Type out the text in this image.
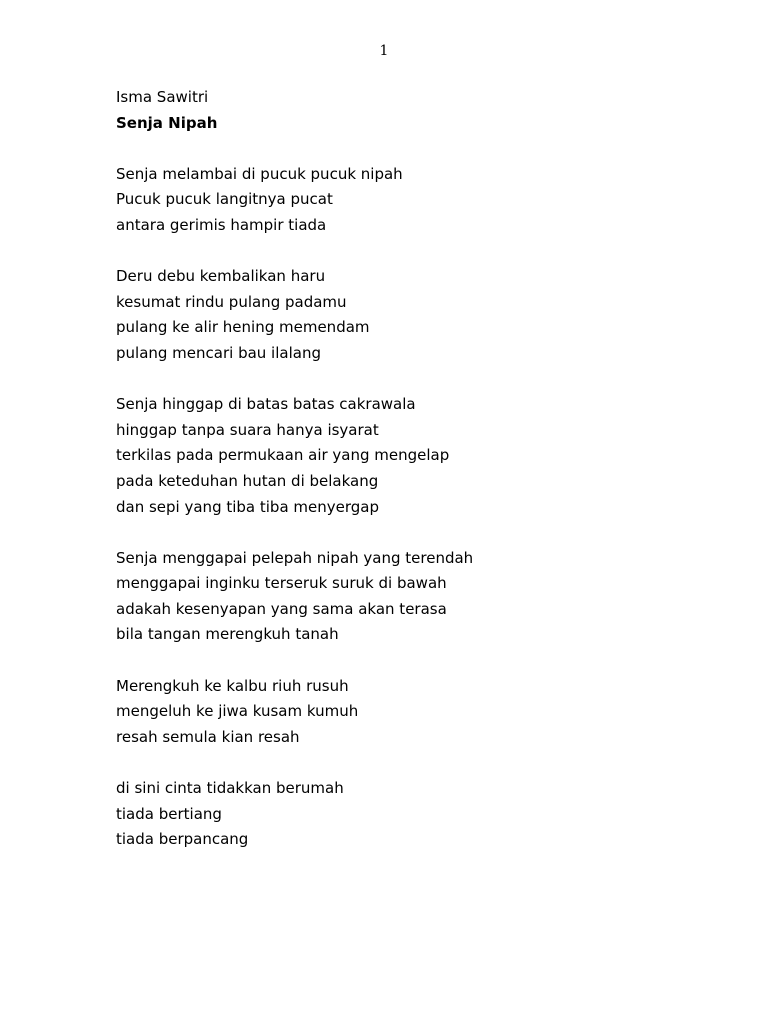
1
Isma Sawitri
Senja Nipah
Senja melambai di pucuk pucuk nipah
Pucuk pucuk langitnya pucat
antara gerimis hampir tiada
Deru debu kembalikan haru
kesumat rindu pulang padamu
pulang ke alir hening memendam
pulang mencari bau ilalang
Senja hinggap di batas batas cakrawala
hinggap tanpa suara hanya isyarat
terkilas pada permukaan air yang mengelap
pada keteduhan hutan di belakang
dan sepi yang tiba tiba menyergap
Senja menggapai pelepah nipah yang terendah
menggapai inginku terseruk suruk di bawah
adakah kesenyapan yang sama akan terasa
bila tangan merengkuh tanah
Merengkuh ke kalbu riuh rusuh
mengeluh ke jiwa kusam kumuh
resah semula kian resah
di sini cinta tidakkan berumah
tiada bertiang
tiada berpancang
